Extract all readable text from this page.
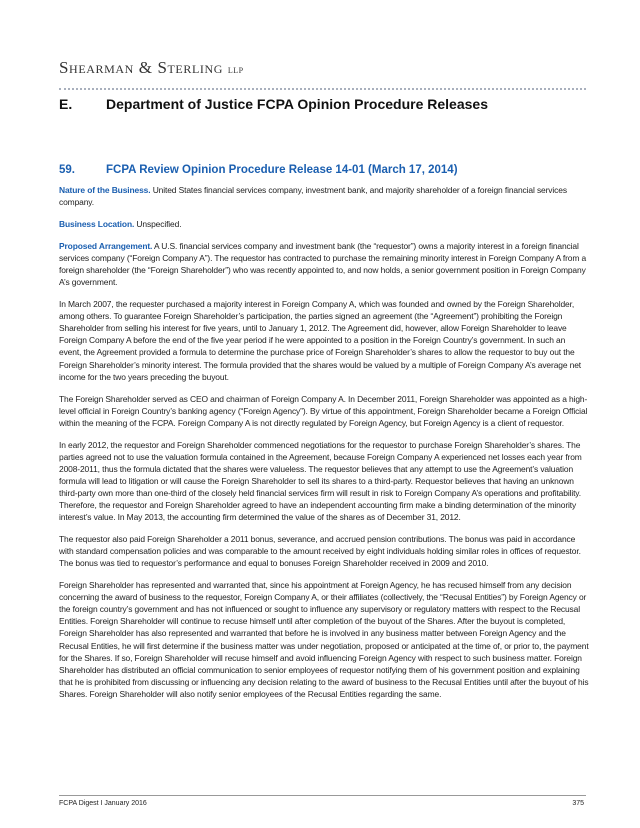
Shearman & Sterling LLP
E. Department of Justice FCPA Opinion Procedure Releases
59.	FCPA Review Opinion Procedure Release 14-01 (March 17, 2014)

Nature of the Business. United States financial services company, investment bank, and majority shareholder of a foreign financial services company.

Business Location. Unspecified.

Proposed Arrangement. A U.S. financial services company and investment bank (the “requestor”) owns a majority interest in a foreign financial services company (“Foreign Company A”). The requestor has contracted to purchase the remaining minority interest in Foreign Company A from a foreign shareholder (the “Foreign Shareholder”) who was recently appointed to, and now holds, a senior government position in Foreign Company A’s government.

In March 2007, the requester purchased a majority interest in Foreign Company A, which was founded and owned by the Foreign Shareholder, among others. To guarantee Foreign Shareholder’s participation, the parties signed an agreement (the “Agreement”) prohibiting the Foreign Shareholder from selling his interest for five years, until to January 1, 2012. The Agreement did, however, allow Foreign Shareholder to leave Foreign Company A before the end of the five year period if he were appointed to a position in the Foreign Country’s government. In such an event, the Agreement provided a formula to determine the purchase price of Foreign Shareholder’s shares to allow the requestor to buy out the Foreign Shareholder’s minority interest. The formula provided that the shares would be valued by a multiple of Foreign Company A’s average net income for the two years preceding the buyout.

The Foreign Shareholder served as CEO and chairman of Foreign Company A. In December 2011, Foreign Shareholder was appointed as a high-level official in Foreign Country’s banking agency (“Foreign Agency”). By virtue of this appointment, Foreign Shareholder became a Foreign Official within the meaning of the FCPA. Foreign Company A is not directly regulated by Foreign Agency, but Foreign Agency is a client of requestor.

In early 2012, the requestor and Foreign Shareholder commenced negotiations for the requestor to purchase Foreign Shareholder’s shares. The parties agreed not to use the valuation formula contained in the Agreement, because Foreign Company A experienced net losses each year from 2008-2011, thus the formula dictated that the shares were valueless. The requestor believes that any attempt to use the Agreement’s valuation formula will lead to litigation or will cause the Foreign Shareholder to sell its shares to a third-party. Requestor believes that having an unknown third-party own more than one-third of the closely held financial services firm will result in risk to Foreign Company A’s operations and profitability. Therefore, the requestor and Foreign Shareholder agreed to have an independent accounting firm make a binding determination of the minority interest’s value. In May 2013, the accounting firm determined the value of the shares as of December 31, 2012.

The requestor also paid Foreign Shareholder a 2011 bonus, severance, and accrued pension contributions. The bonus was paid in accordance with standard compensation policies and was comparable to the amount received by eight individuals holding similar roles in offices of requestor. The bonus was tied to requestor’s performance and equal to bonuses Foreign Shareholder received in 2009 and 2010.

Foreign Shareholder has represented and warranted that, since his appointment at Foreign Agency, he has recused himself from any decision concerning the award of business to the requestor, Foreign Company A, or their affiliates (collectively, the “Recusal Entities”) by Foreign Agency or the foreign country’s government and has not influenced or sought to influence any supervisory or regulatory matters with respect to the Recusal Entities. Foreign Shareholder will continue to recuse himself until after completion of the buyout of the Shares. After the buyout is completed, Foreign Shareholder has also represented and warranted that before he is involved in any business matter between Foreign Agency and the Recusal Entities, he will first determine if the business matter was under negotiation, proposed or anticipated at the time of, or prior to, the payment for the Shares. If so, Foreign Shareholder will recuse himself and avoid influencing Foreign Agency with respect to such business matter. Foreign Shareholder has distributed an official communication to senior employees of requestor notifying them of his government position and explaining that he is prohibited from discussing or influencing any decision relating to the award of business to the Recusal Entities until after the buyout of his Shares. Foreign Shareholder will also notify senior employees of the Recusal Entities regarding the same.

FCPA Digest I January 2016	375
